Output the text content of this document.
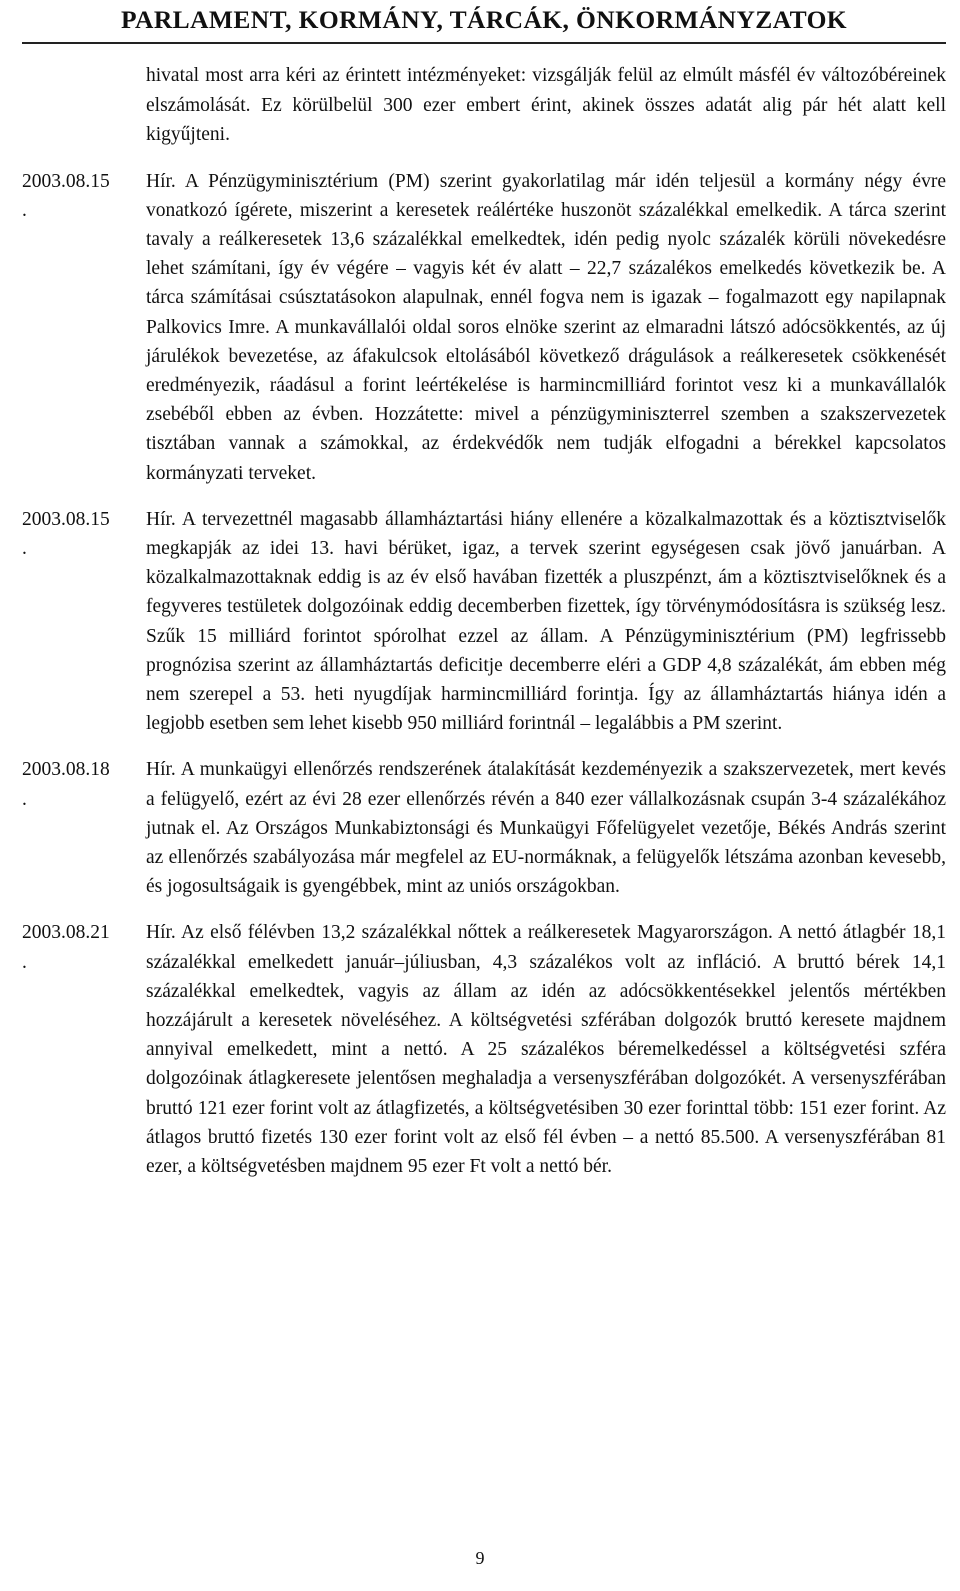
PARLAMENT, KORMÁNY, TÁRCÁK, ÖNKORMÁNYZATOK
hivatal most arra kéri az érintett intézményeket: vizsgálják felül az elmúlt másfél év változóbéreinek elszámolását. Ez körülbelül 300 ezer embert érint, akinek összes adatát alig pár hét alatt kell kigyűjteni.
2003.08.15
.
Hír. A Pénzügyminisztérium (PM) szerint gyakorlatilag már idén teljesül a kormány négy évre vonatkozó ígérete, miszerint a keresetek reálértéke huszonöt százalékkal emelkedik. A tárca szerint tavaly a reálkeresetek 13,6 százalékkal emelkedtek, idén pedig nyolc százalék körüli növekedésre lehet számítani, így év végére – vagyis két év alatt – 22,7 százalékos emelkedés következik be. A tárca számításai csúsztatásokon alapulnak, ennél fogva nem is igazak – fogalmazott egy napilapnak Palkovics Imre. A munkavállalói oldal soros elnöke szerint az elmaradni látszó adócsökkentés, az új járulékok bevezetése, az áfakulcsok eltolásából következő drágulások a reálkeresetek csökkenését eredményezik, ráadásul a forint leértékelése is harmincmilliárd forintot vesz ki a munkavállalók zsebéből ebben az évben. Hozzátette: mivel a pénzügyminiszterrel szemben a szakszervezetek tisztában vannak a számokkal, az érdekvédők nem tudják elfogadni a bérekkel kapcsolatos kormányzati terveket.
2003.08.15
.
Hír. A tervezettnél magasabb államháztartási hiány ellenére a közalkalmazottak és a köztisztviselők megkapják az idei 13. havi bérüket, igaz, a tervek szerint egységesen csak jövő januárban. A közalkalmazottaknak eddig is az év első havában fizették a pluszpénzt, ám a köztisztviselőknek és a fegyveres testületek dolgozóinak eddig decemberben fizettek, így törvénymódosításra is szükség lesz. Szűk 15 milliárd forintot spórolhat ezzel az állam. A Pénzügyminisztérium (PM) legfrissebb prognózisa szerint az államháztartás deficitje decemberre eléri a GDP 4,8 százalékát, ám ebben még nem szerepel a 53. heti nyugdíjak harmincmilliárd forintja. Így az államháztartás hiánya idén a legjobb esetben sem lehet kisebb 950 milliárd forintnál – legalábbis a PM szerint.
2003.08.18
.
Hír. A munkaügyi ellenőrzés rendszerének átalakítását kezdeményezik a szakszervezetek, mert kevés a felügyelő, ezért az évi 28 ezer ellenőrzés révén a 840 ezer vállalkozásnak csupán 3-4 százalékához jutnak el. Az Országos Munkabiztonsági és Munkaügyi Főfelügyelet vezetője, Békés András szerint az ellenőrzés szabályozása már megfelel az EU-normáknak, a felügyelők létszáma azonban kevesebb, és jogosultságaik is gyengébbek, mint az uniós országokban.
2003.08.21
.
Hír. Az első félévben 13,2 százalékkal nőttek a reálkeresetek Magyarországon. A nettó átlagbér 18,1 százalékkal emelkedett január–júliusban, 4,3 százalékos volt az infláció. A bruttó bérek 14,1 százalékkal emelkedtek, vagyis az állam az idén az adócsökkentésekkel jelentős mértékben hozzájárult a keresetek növeléséhez. A költségvetési szférában dolgozók bruttó keresete majdnem annyival emelkedett, mint a nettó. A 25 százalékos béremelkedéssel a költségvetési szféra dolgozóinak átlagkeresete jelentősen meghaladja a versenyszférában dolgozókét. A versenyszférában bruttó 121 ezer forint volt az átlagfizetés, a költségvetésiben 30 ezer forinttal több: 151 ezer forint. Az átlagos bruttó fizetés 130 ezer forint volt az első fél évben – a nettó 85.500. A versenyszférában 81 ezer, a költségvetésben majdnem 95 ezer Ft volt a nettó bér.
9
